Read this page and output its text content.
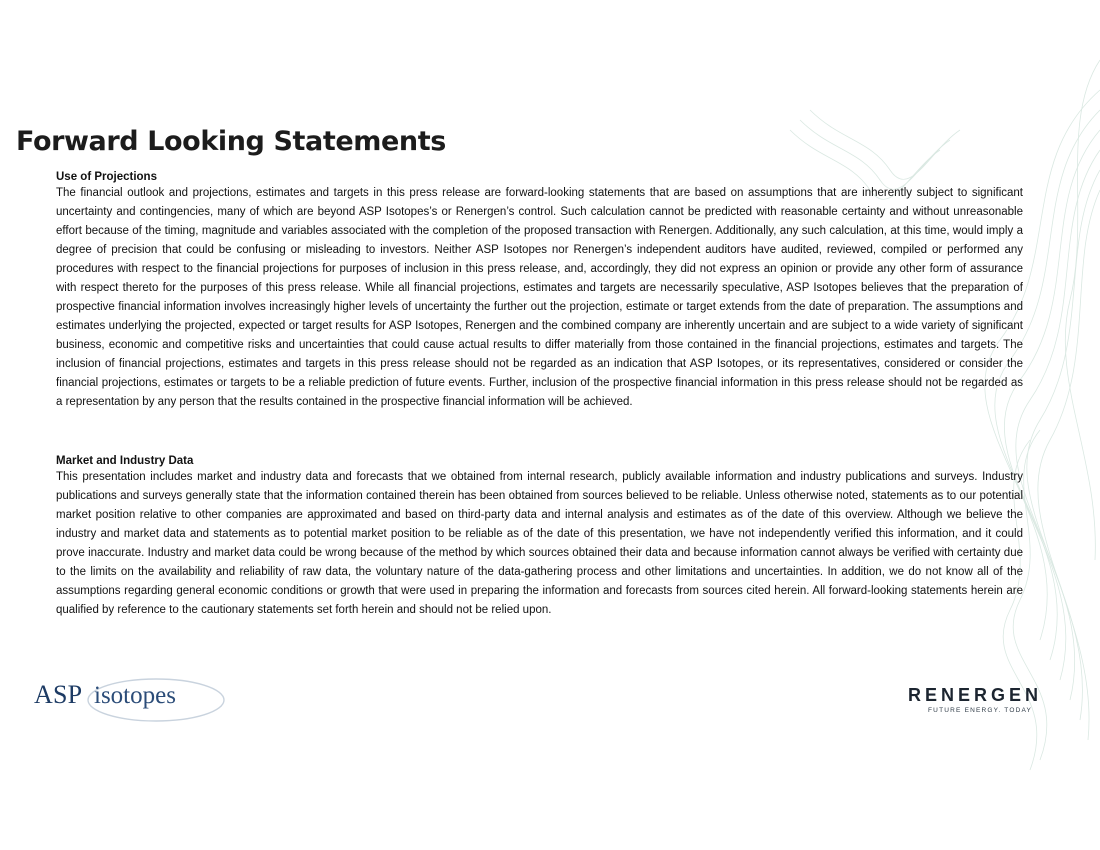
Forward Looking Statements

Use of Projections

The financial outlook and projections, estimates and targets in this press release are forward-looking statements that are based on assumptions that are inherently subject to significant uncertainty and contingencies, many of which are beyond ASP Isotopes’s or Renergen’s control. Such calculation cannot be predicted with reasonable certainty and without unreasonable effort because of the timing, magnitude and variables associated with the completion of the proposed transaction with Renergen. Additionally, any such calculation, at this time, would imply a degree of precision that could be confusing or misleading to investors. Neither ASP Isotopes nor Renergen’s independent auditors have audited, reviewed, compiled or performed any procedures with respect to the financial projections for purposes of inclusion in this press release, and, accordingly, they did not express an opinion or provide any other form of assurance with respect thereto for the purposes of this press release. While all financial projections, estimates and targets are necessarily speculative, ASP Isotopes believes that the preparation of prospective financial information involves increasingly higher levels of uncertainty the further out the projection, estimate or target extends from the date of preparation. The assumptions and estimates underlying the projected, expected or target results for ASP Isotopes, Renergen and the combined company are inherently uncertain and are subject to a wide variety of significant business, economic and competitive risks and uncertainties that could cause actual results to differ materially from those contained in the financial projections, estimates and targets. The inclusion of financial projections, estimates and targets in this press release should not be regarded as an indication that ASP Isotopes, or its representatives, considered or consider the financial projections, estimates or targets to be a reliable prediction of future events. Further, inclusion of the prospective financial information in this press release should not be regarded as a representation by any person that the results contained in the prospective financial information will be achieved.

Market and Industry Data

This presentation includes market and industry data and forecasts that we obtained from internal research, publicly available information and industry publications and surveys. Industry publications and surveys generally state that the information contained therein has been obtained from sources believed to be reliable. Unless otherwise noted, statements as to our potential market position relative to other companies are approximated and based on third-party data and internal analysis and estimates as of the date of this overview. Although we believe the industry and market data and statements as to potential market position to be reliable as of the date of this presentation, we have not independently verified this information, and it could prove inaccurate. Industry and market data could be wrong because of the method by which sources obtained their data and because information cannot always be verified with certainty due to the limits on the availability and reliability of raw data, the voluntary nature of the data-gathering process and other limitations and uncertainties. In addition, we do not know all of the assumptions regarding general economic conditions or growth that were used in preparing the information and forecasts from sources cited herein. All forward-looking statements herein are qualified by reference to the cautionary statements set forth herein and should not be relied upon.

ASP isotopes	RENERGEN
FUTURE ENERGY. TODAY
